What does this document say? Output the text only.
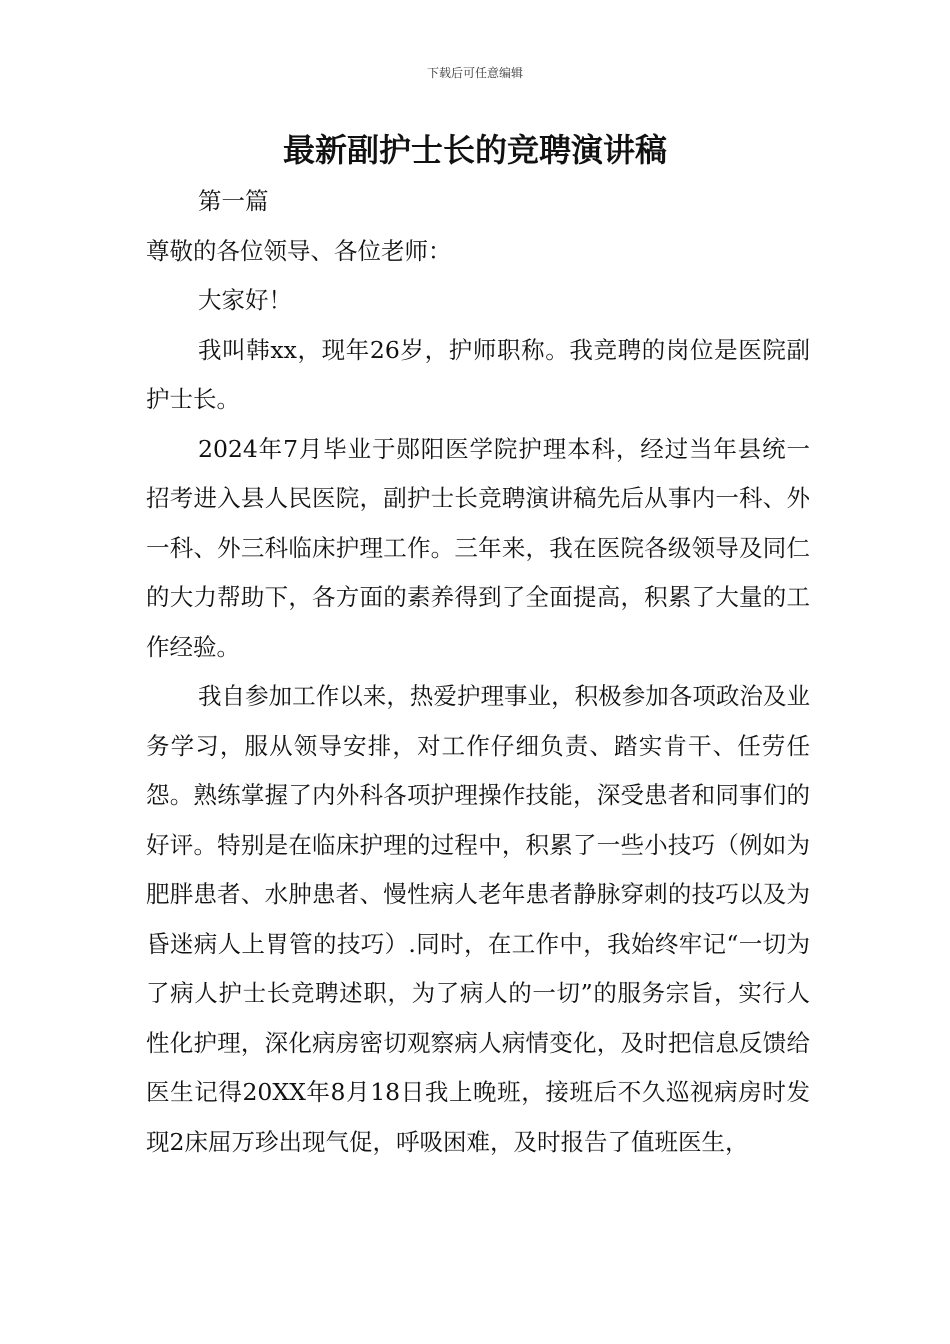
下载后可任意编辑
最新副护士长的竞聘演讲稿

第一篇

尊敬的各位领导、各位老师：

大家好！

我叫韩xx，现年26岁，护师职称。我竞聘的岗位是医院副护士长。

2024年7月毕业于郧阳医学院护理本科，经过当年县统一招考进入县人民医院，副护士长竞聘演讲稿先后从事内一科、外一科、外三科临床护理工作。三年来，我在医院各级领导及同仁的大力帮助下，各方面的素养得到了全面提高，积累了大量的工作经验。

我自参加工作以来，热爱护理事业，积极参加各项政治及业务学习，服从领导安排，对工作仔细负责、踏实肯干、任劳任怨。熟练掌握了内外科各项护理操作技能，深受患者和同事们的好评。特别是在临床护理的过程中，积累了一些小技巧（例如为肥胖患者、水肿患者、慢性病人老年患者静脉穿刺的技巧以及为昏迷病人上胃管的技巧）.同时，在工作中，我始终牢记“一切为了病人护士长竞聘述职，为了病人的一切”的服务宗旨，实行人性化护理，深化病房密切观察病人病情变化，及时把信息反馈给医生记得20XX年8月18日我上晚班，接班后不久巡视病房时发现2床屈万珍出现气促，呼吸困难，及时报告了值班医生，
